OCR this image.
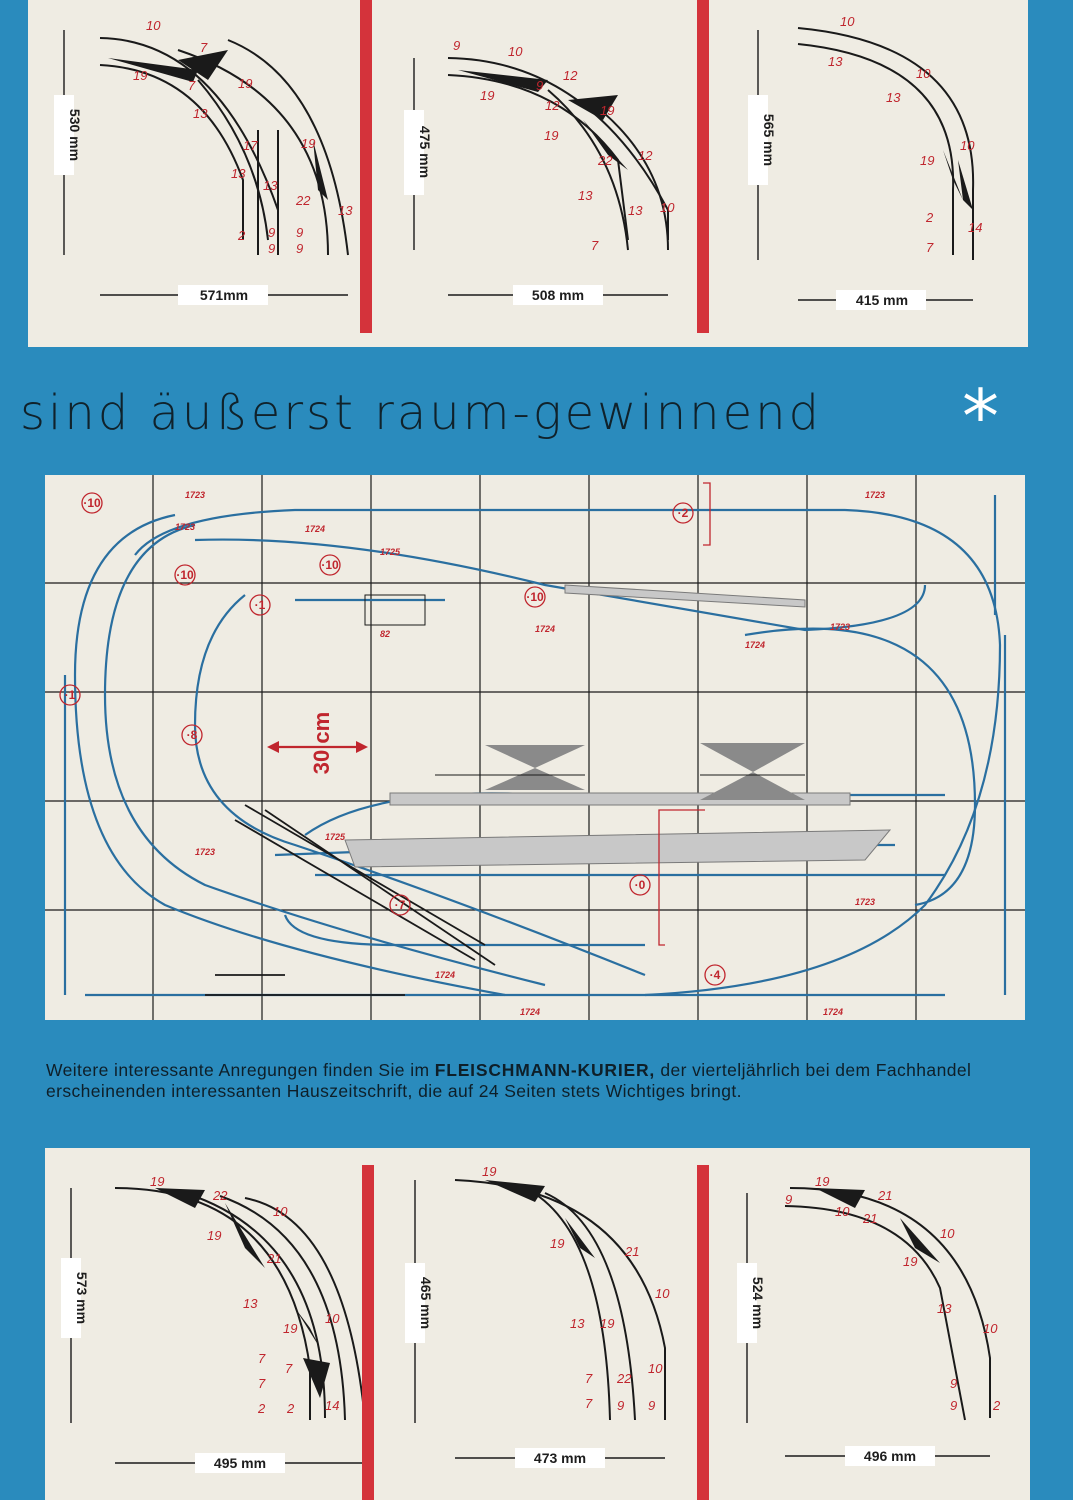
530 mm
571mm
475 mm
508 mm
565 mm
415 mm
10
7
19
7	19
13
17
13
13
22
19
13
2 9
9
9
9
9	10
9
12
19
12	19
19
22 12
13
13 10
7
10
13
10
13
10
19
2
14
7
sind äußerst raum-gewinnend *
30 cm
·10
·10
·10
·10
·1
·1
·2
·8
·0
·7
·4
1723	1723
1723
1723
1723
1723
1724
1724
1724
1724
1724	1724
1725
1725
82
Weitere interessante Anregungen finden Sie im FLEISCHMANN-KURIER, der vierteljährlich bei dem Fachhandel erscheinenden interessanten Hauszeitschrift, die auf 24 Seiten stets Wichtiges bringt.
573 mm
495 mm
465 mm
473 mm
524 mm
496 mm
19
22
10
19
21
13
19
10
7
7
7
2 2 14
19
19
21
10
13 19
7 22
10
7 9 9
19
21
9
10 21
10
19
13
10
9
9	2
